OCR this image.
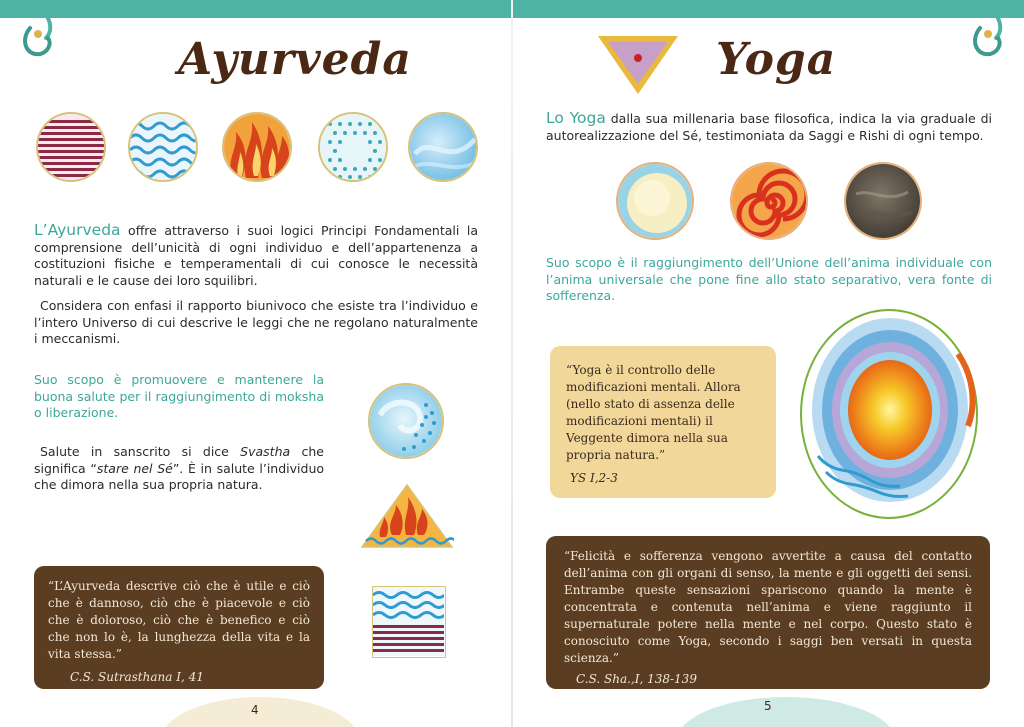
Ayurveda

L’Ayurveda offre attraverso i suoi logici Principi Fondamentali la comprensione dell’unicità di ogni individuo e dell’appartenenza a costituzioni fisiche e temperamentali di cui conosce le necessità naturali e le cause dei loro squilibri.

Considera con enfasi il rapporto biunivoco che esiste tra l’individuo e l’intero Universo di cui descrive le leggi che ne regolano naturalmente i meccanismi.

Suo scopo è promuovere e mantenere la buona salute per il raggiungimento di moksha o liberazione.

Salute in sanscrito si dice Svastha che significa “stare nel Sé”. È in salute l’individuo che dimora nella sua propria natura.

“L’Ayurveda descrive ciò che è utile e ciò che è dannoso, ciò che è piacevole e ciò che è doloroso, ciò che è benefico e ciò che non lo è, la lunghezza della vita e la vita stessa.”

C.S. Sutrasthana I, 41

4
Yoga

Lo Yoga dalla sua millenaria base filosofica, indica la via graduale di autorealizzazione del Sé, testimoniata da Saggi e Rishi di ogni tempo.

Suo scopo è il raggiungimento dell’Unione dell’anima individuale con l’anima universale che pone fine allo stato separativo, vera fonte di sofferenza.

“Yoga è il controllo delle modificazioni mentali. Allora (nello stato di assenza delle modificazioni mentali) il Veggente dimora nella sua propria natura.”

YS I,2-3

“Felicità e sofferenza vengono avvertite a causa del contatto dell’anima con gli organi di senso, la mente e gli oggetti dei sensi. Entrambe queste sensazioni spariscono quando la mente è concentrata e contenuta nell’anima e viene raggiunto il supernaturale potere nella mente e nel corpo. Questo stato è conosciuto come Yoga, secondo i saggi ben versati in questa scienza.”

C.S. Sha.,I, 138-139

5
